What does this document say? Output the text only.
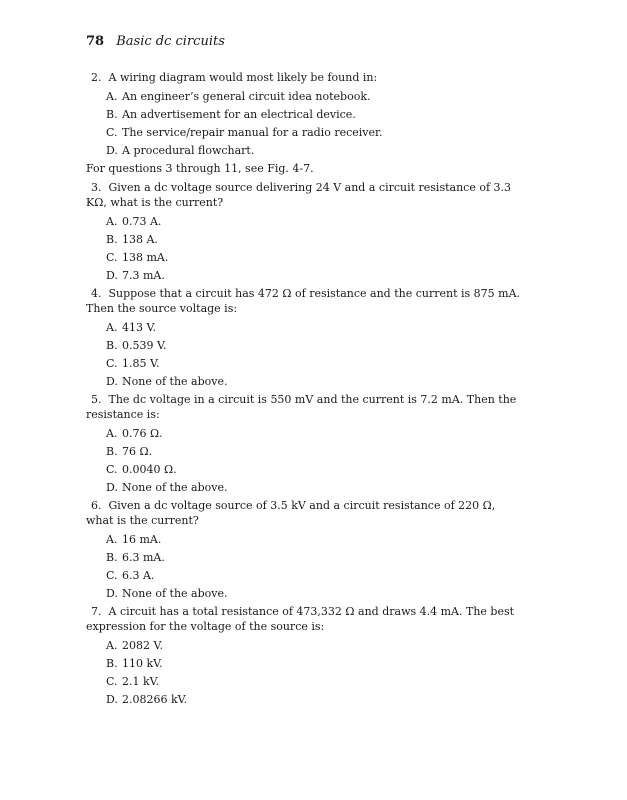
78 Basic dc circuits

2. A wiring diagram would most likely be found in:

A. An engineer’s general circuit idea notebook.

B. An advertisement for an electrical device.

C. The service/repair manual for a radio receiver.

D. A procedural flowchart.

For questions 3 through 11, see Fig. 4-7.

3. Given a dc voltage source delivering 24 V and a circuit resistance of 3.3 KΩ, what is the current?

A. 0.73 A.

B. 138 A.

C. 138 mA.

D. 7.3 mA.

4. Suppose that a circuit has 472 Ω of resistance and the current is 875 mA. Then the source voltage is:

A. 413 V.

B. 0.539 V.

C. 1.85 V.

D. None of the above.

5. The dc voltage in a circuit is 550 mV and the current is 7.2 mA. Then the resistance is:

A. 0.76 Ω.

B. 76 Ω.

C. 0.0040 Ω.

D. None of the above.

6. Given a dc voltage source of 3.5 kV and a circuit resistance of 220 Ω, what is the current?

A. 16 mA.

B. 6.3 mA.

C. 6.3 A.

D. None of the above.

7. A circuit has a total resistance of 473,332 Ω and draws 4.4 mA. The best expression for the voltage of the source is:

A. 2082 V.

B. 110 kV.

C. 2.1 kV.

D. 2.08266 kV.
